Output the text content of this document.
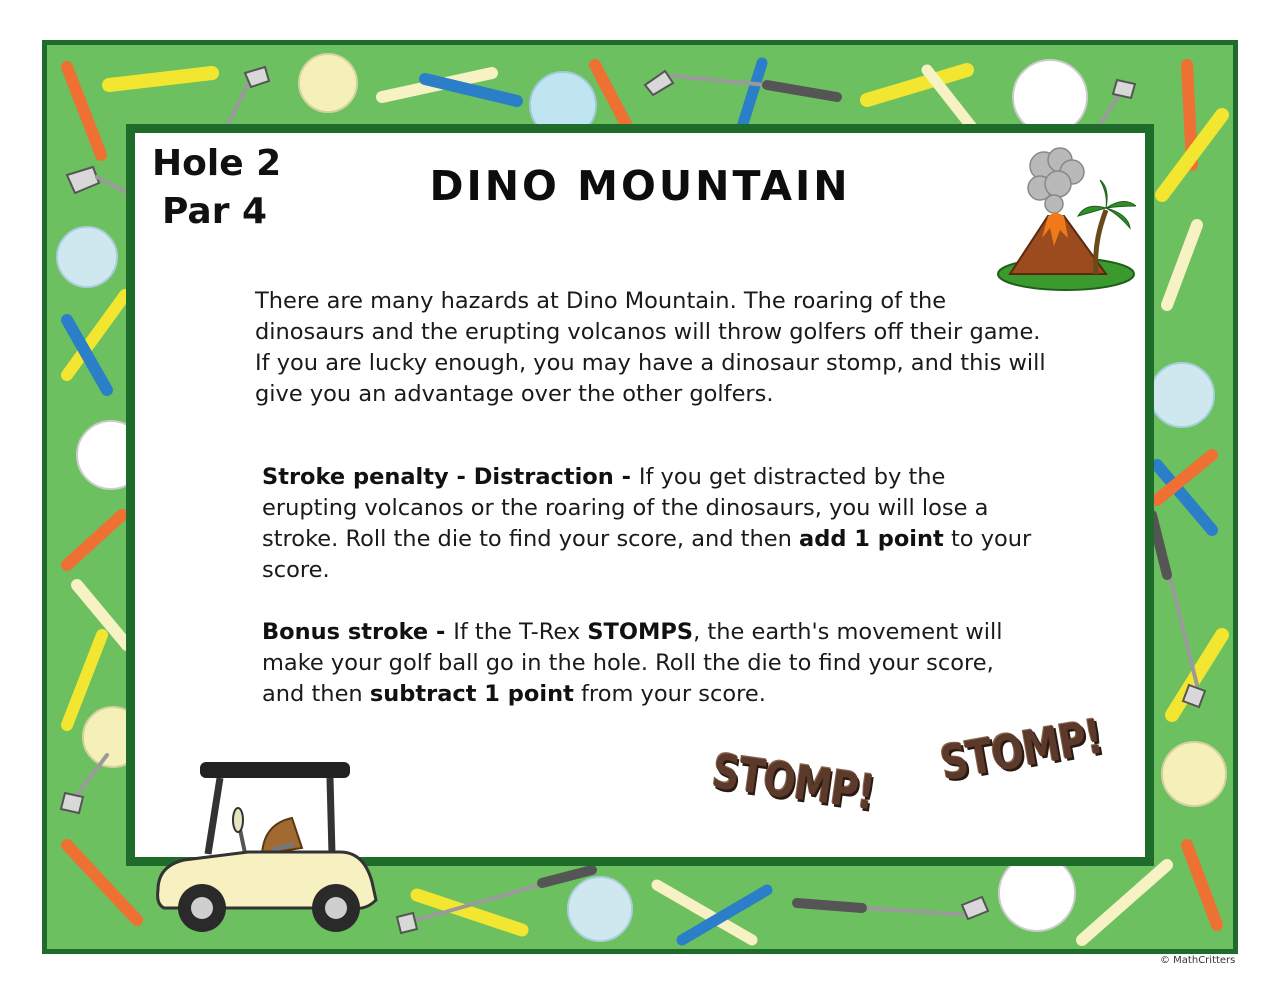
Hole 2
Par 4
DINO MOUNTAIN

There are many hazards at Dino Mountain. The roaring of the dinosaurs and the erupting volcanos will throw golfers off their game. If you are lucky enough, you may have a dinosaur stomp, and this will give you an advantage over the other golfers.

Stroke penalty - Distraction - If you get distracted by the erupting volcanos or the roaring of the dinosaurs, you will lose a stroke. Roll the die to find your score, and then add 1 point to your score.

Bonus stroke - If the T-Rex STOMPS, the earth's movement will make your golf ball go in the hole. Roll the die to find your score, and then subtract 1 point from your score.

STOMP! STOMP!
© MathCritters
